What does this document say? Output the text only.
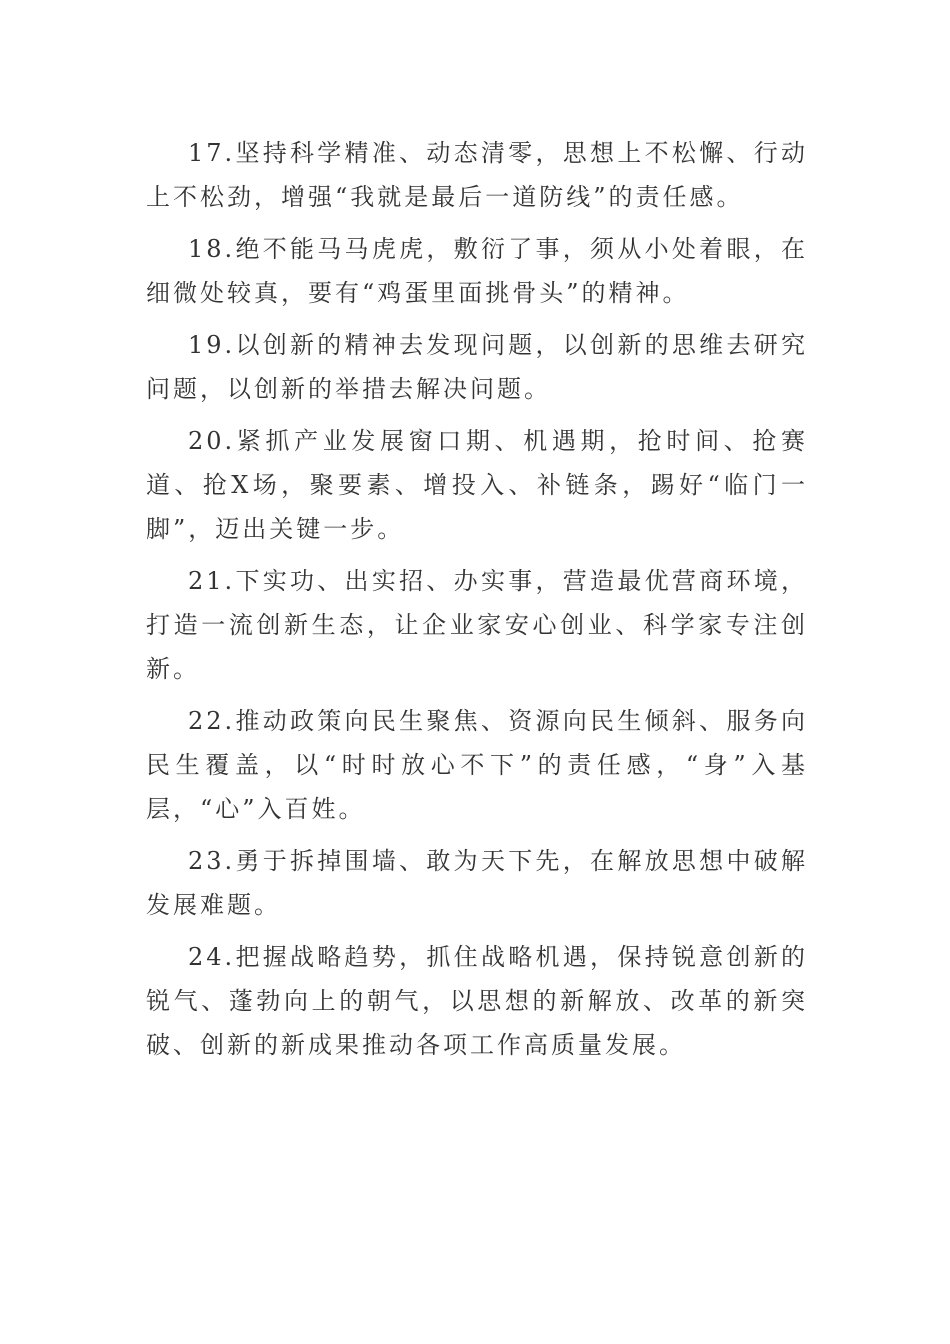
17.坚持科学精准、动态清零，思想上不松懈、行动上不松劲，增强“我就是最后一道防线”的责任感。

18.绝不能马马虎虎，敷衍了事，须从小处着眼，在细微处较真，要有“鸡蛋里面挑骨头”的精神。

19.以创新的精神去发现问题，以创新的思维去研究问题，以创新的举措去解决问题。

20.紧抓产业发展窗口期、机遇期，抢时间、抢赛道、抢X场，聚要素、增投入、补链条，踢好“临门一脚”，迈出关键一步。

21.下实功、出实招、办实事，营造最优营商环境，打造一流创新生态，让企业家安心创业、科学家专注创新。

22.推动政策向民生聚焦、资源向民生倾斜、服务向民生覆盖，以“时时放心不下”的责任感，“身”入基层，“心”入百姓。

23.勇于拆掉围墙、敢为天下先，在解放思想中破解发展难题。

24.把握战略趋势，抓住战略机遇，保持锐意创新的锐气、蓬勃向上的朝气，以思想的新解放、改革的新突破、创新的新成果推动各项工作高质量发展。
